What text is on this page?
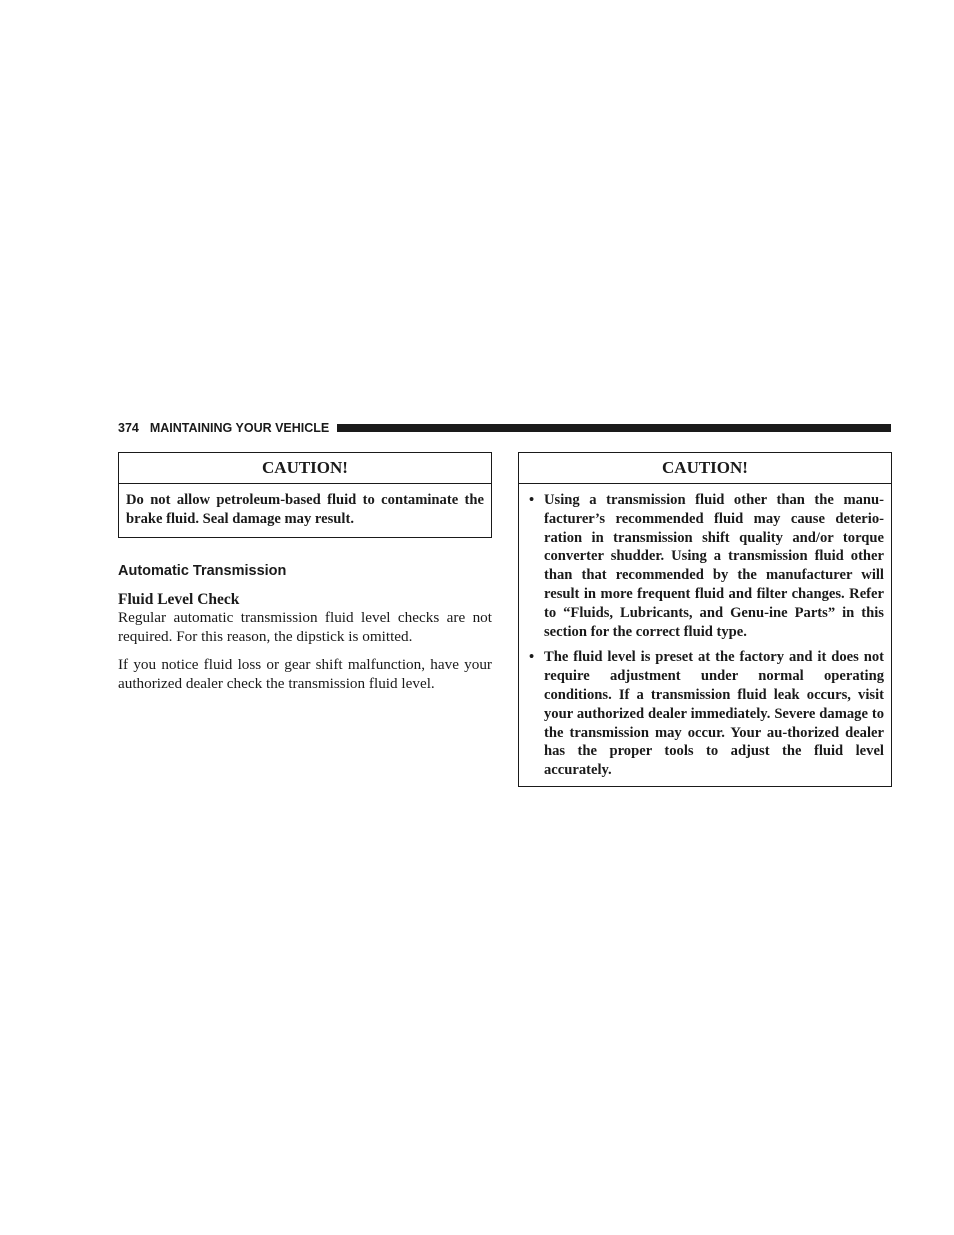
374 MAINTAINING YOUR VEHICLE
CAUTION!
Do not allow petroleum-based fluid to contaminate the brake fluid. Seal damage may result.
Automatic Transmission
Fluid Level Check
Regular automatic transmission fluid level checks are not required. For this reason, the dipstick is omitted.
If you notice fluid loss or gear shift malfunction, have your authorized dealer check the transmission fluid level.
CAUTION!
• Using a transmission fluid other than the manu-facturer’s recommended fluid may cause deterio-ration in transmission shift quality and/or torque converter shudder. Using a transmission fluid other than that recommended by the manufacturer will result in more frequent fluid and filter changes. Refer to “Fluids, Lubricants, and Genu-ine Parts” in this section for the correct fluid type.
• The fluid level is preset at the factory and it does not require adjustment under normal operating conditions. If a transmission fluid leak occurs, visit your authorized dealer immediately. Severe damage to the transmission may occur. Your au-thorized dealer has the proper tools to adjust the fluid level accurately.
